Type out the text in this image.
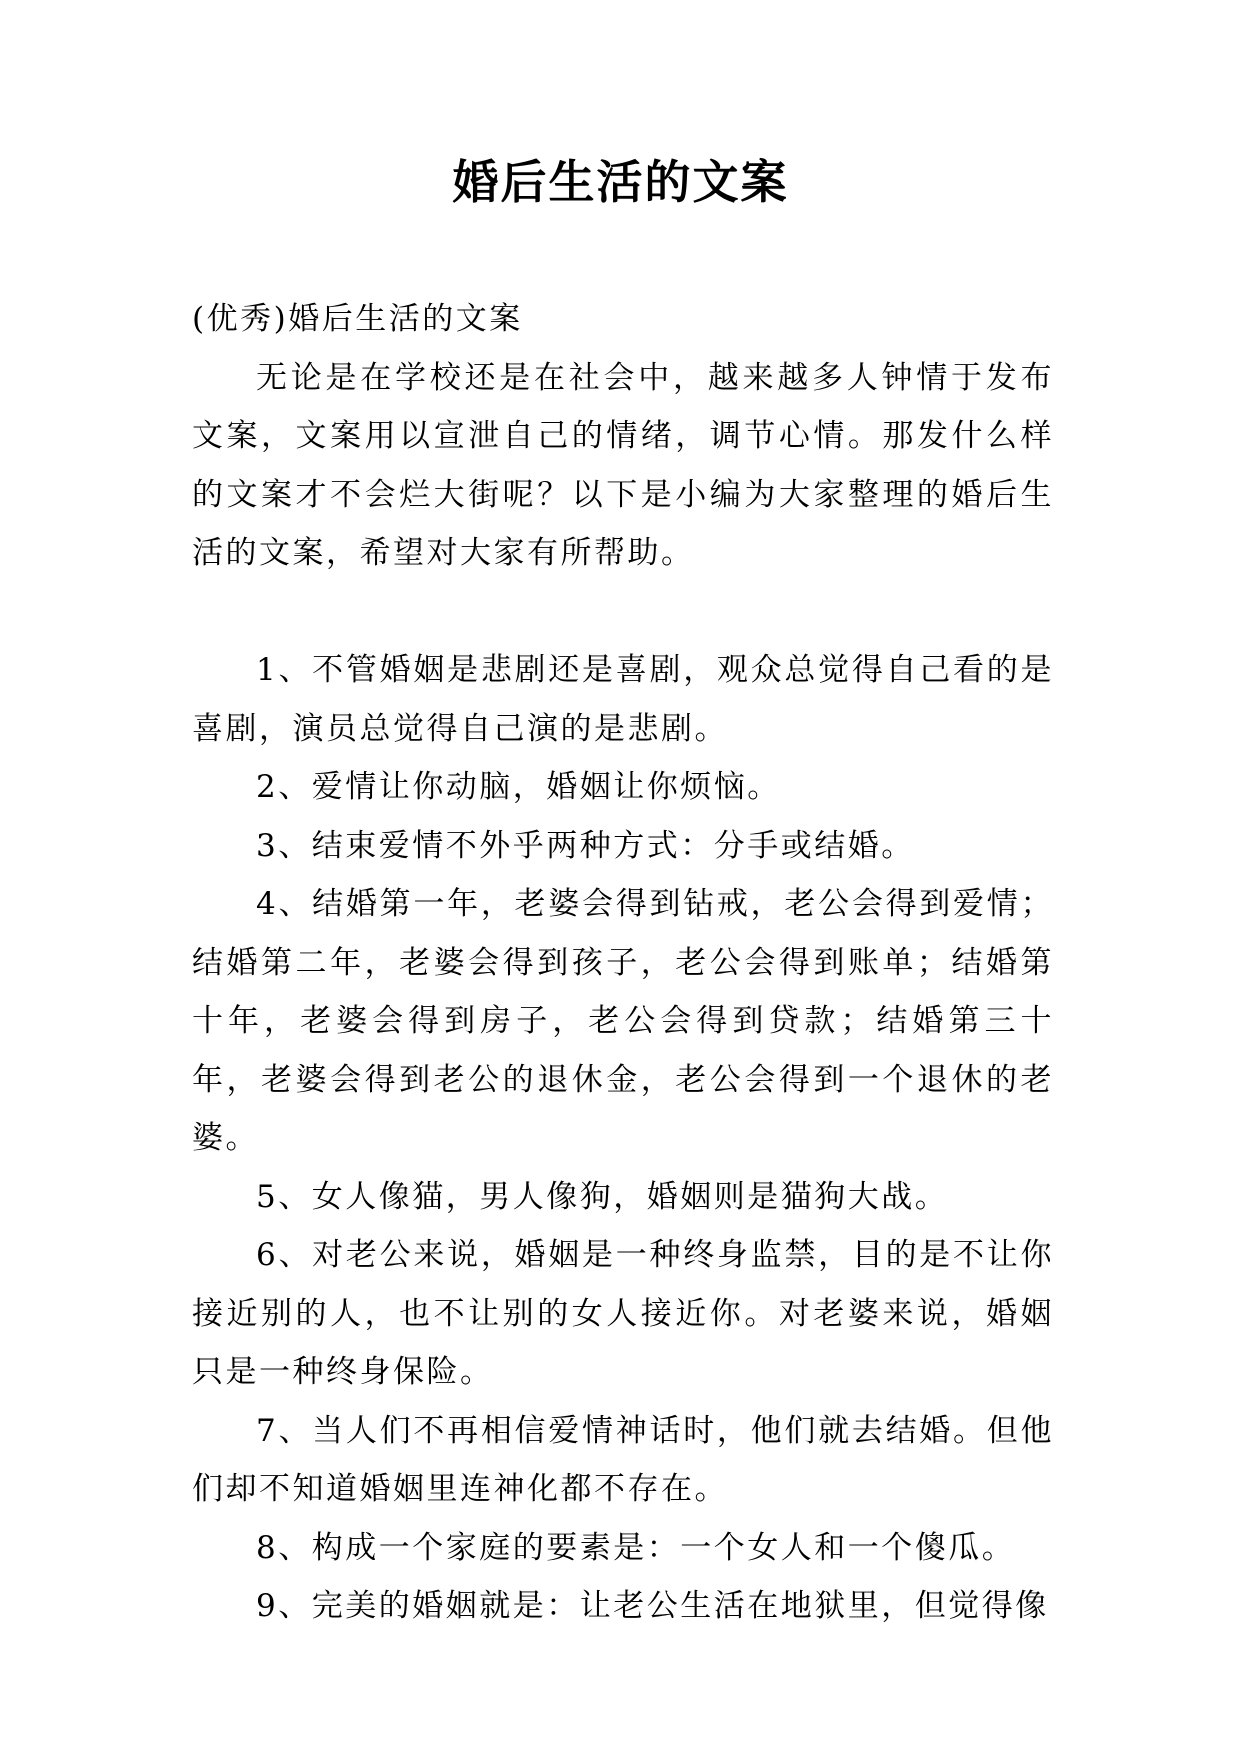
婚后生活的文案

(优秀)婚后生活的文案

无论是在学校还是在社会中，越来越多人钟情于发布文案，文案用以宣泄自己的情绪，调节心情。那发什么样的文案才不会烂大街呢？以下是小编为大家整理的婚后生活的文案，希望对大家有所帮助。

1、不管婚姻是悲剧还是喜剧，观众总觉得自己看的是喜剧，演员总觉得自己演的是悲剧。

2、爱情让你动脑，婚姻让你烦恼。

3、结束爱情不外乎两种方式：分手或结婚。

4、结婚第一年，老婆会得到钻戒，老公会得到爱情；结婚第二年，老婆会得到孩子，老公会得到账单；结婚第十年，老婆会得到房子，老公会得到贷款；结婚第三十年，老婆会得到老公的退休金，老公会得到一个退休的老婆。

5、女人像猫，男人像狗，婚姻则是猫狗大战。

6、对老公来说，婚姻是一种终身监禁，目的是不让你接近别的人，也不让别的女人接近你。对老婆来说，婚姻只是一种终身保险。

7、当人们不再相信爱情神话时，他们就去结婚。但他们却不知道婚姻里连神化都不存在。

8、构成一个家庭的要素是：一个女人和一个傻瓜。

9、完美的婚姻就是：让老公生活在地狱里，但觉得像
